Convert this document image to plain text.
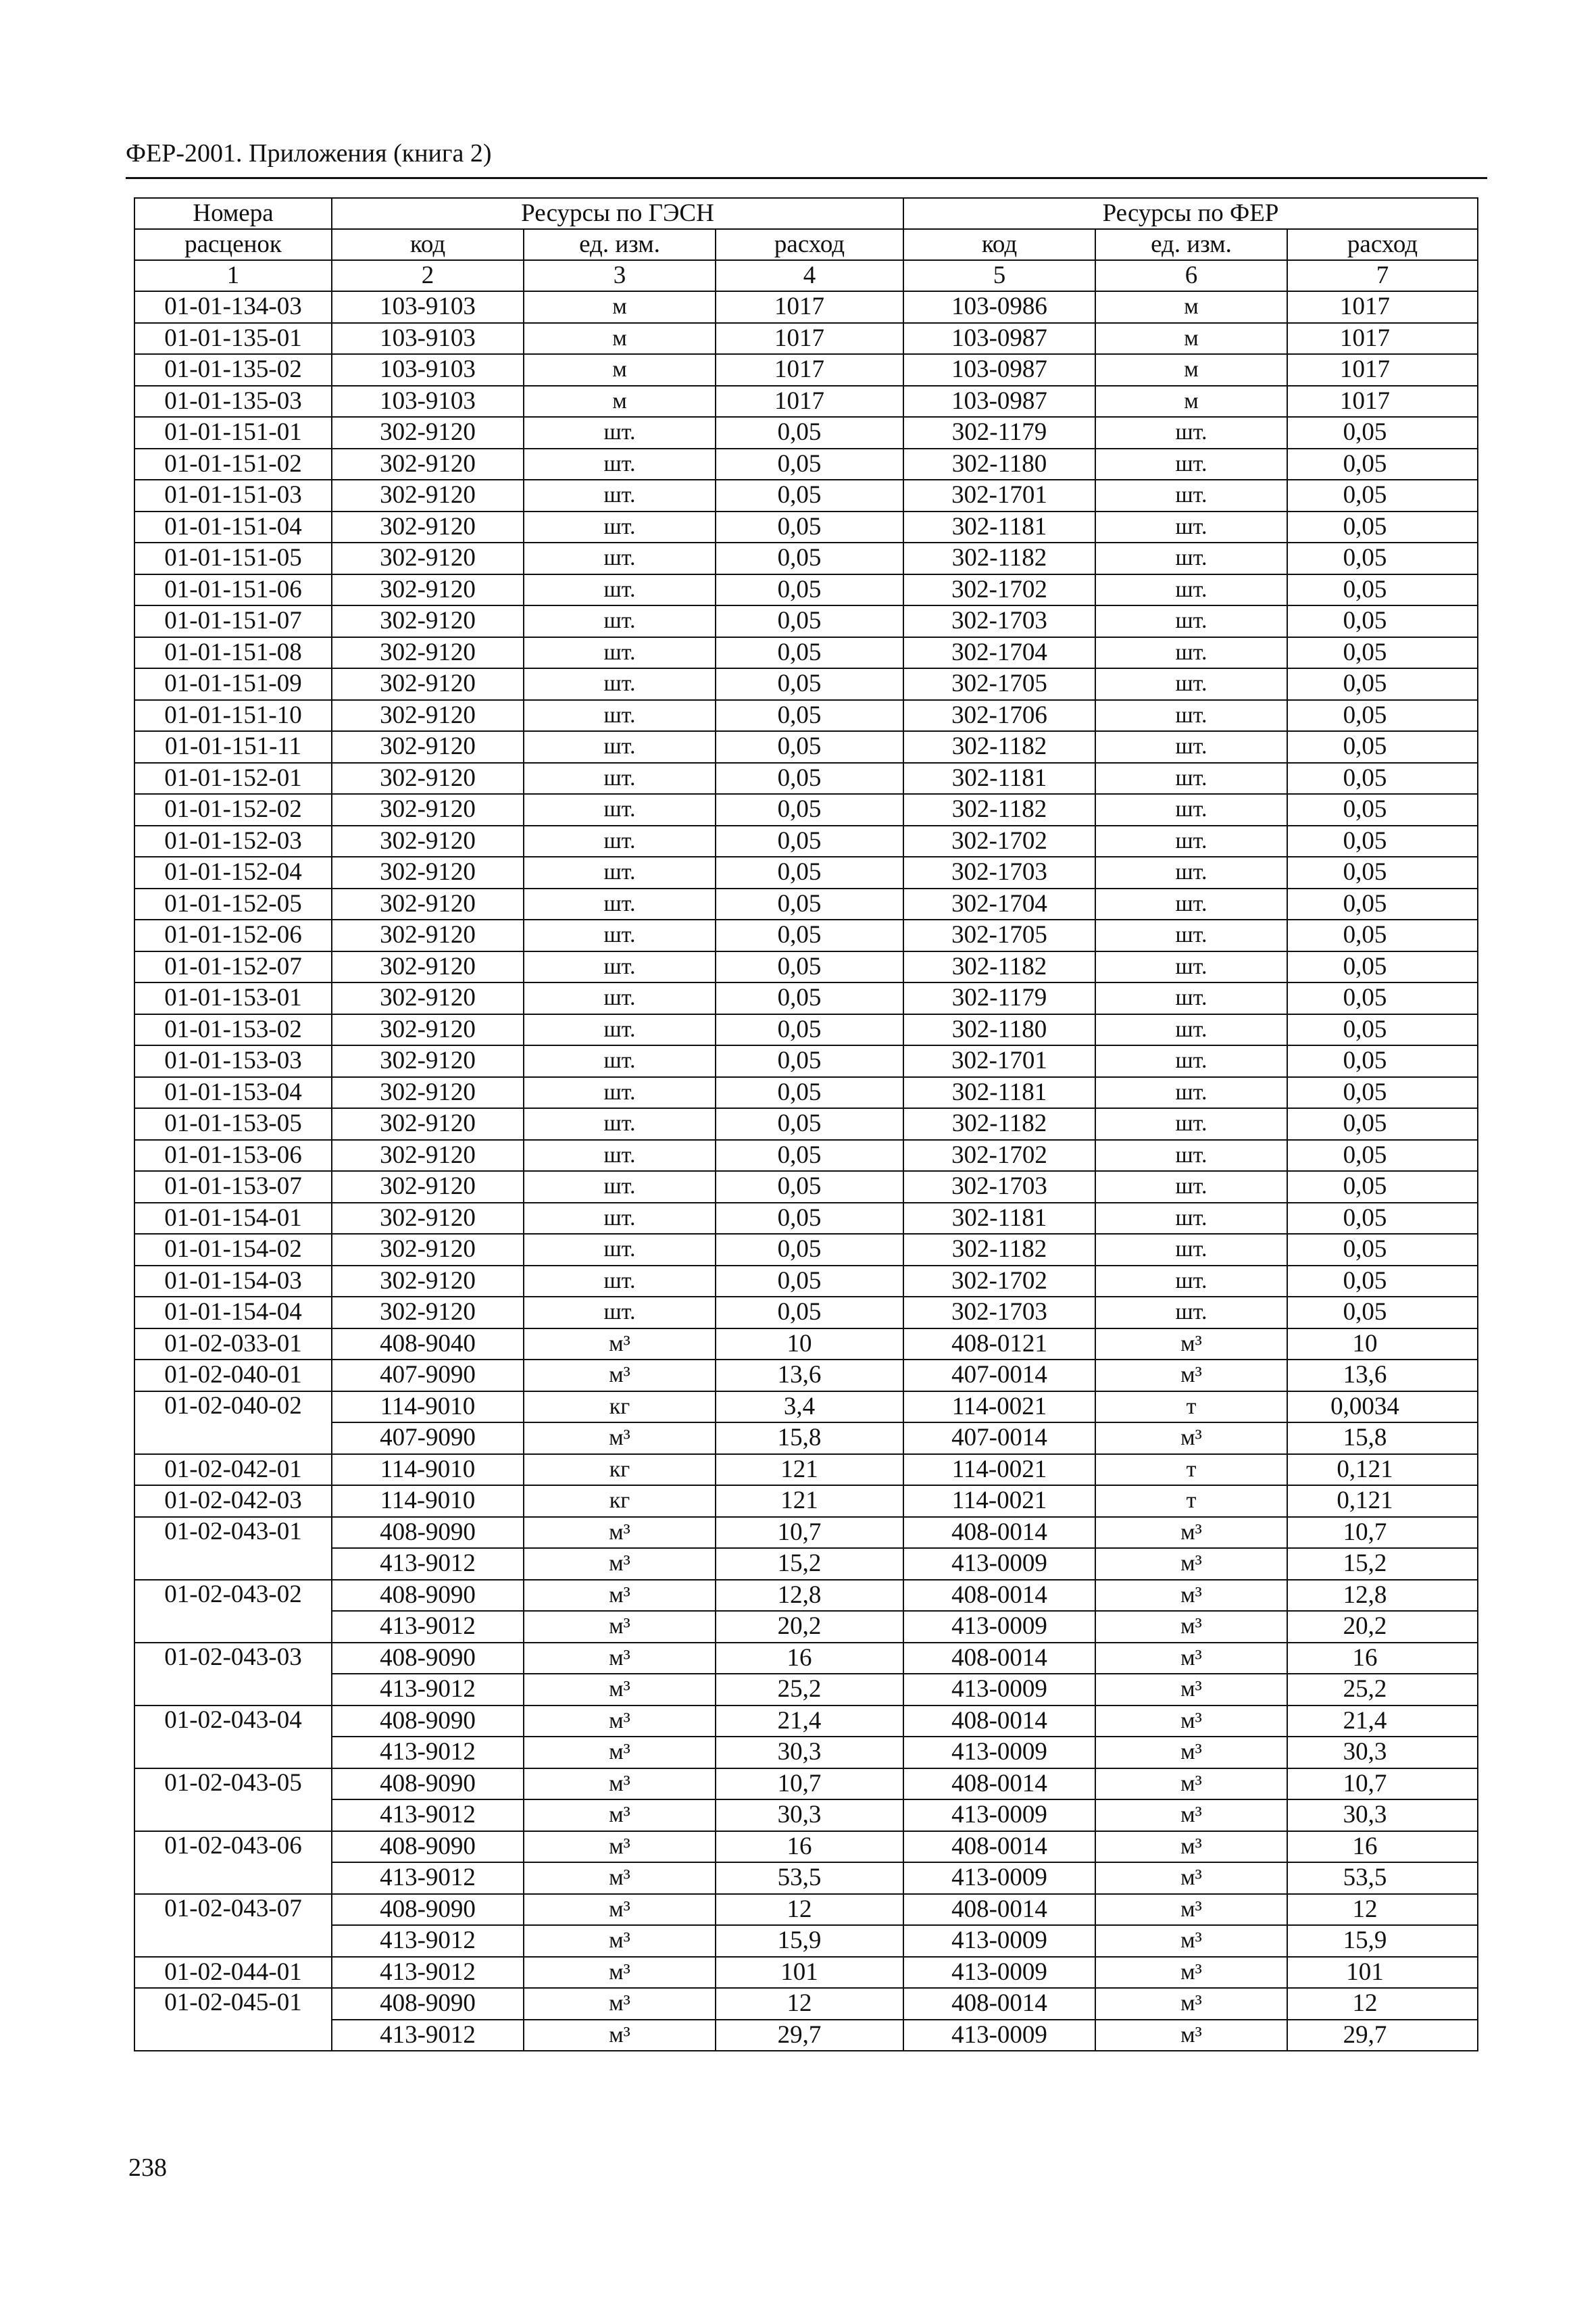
ФЕР-2001. Приложения (книга 2)
Номера	Ресурсы по ГЭСН			Ресурсы по ФЕР		
расценок	код	ед. изм.	расход	код	ед. изм.	расход
1	2	3	4	5	6	7
01-01-134-03	103-9103	м	1017	103-0986	м	1017
01-01-135-01	103-9103	м	1017	103-0987	м	1017
01-01-135-02	103-9103	м	1017	103-0987	м	1017
01-01-135-03	103-9103	м	1017	103-0987	м	1017
01-01-151-01	302-9120	шт.	0,05	302-1179	шт.	0,05
01-01-151-02	302-9120	шт.	0,05	302-1180	шт.	0,05
01-01-151-03	302-9120	шт.	0,05	302-1701	шт.	0,05
01-01-151-04	302-9120	шт.	0,05	302-1181	шт.	0,05
01-01-151-05	302-9120	шт.	0,05	302-1182	шт.	0,05
01-01-151-06	302-9120	шт.	0,05	302-1702	шт.	0,05
01-01-151-07	302-9120	шт.	0,05	302-1703	шт.	0,05
01-01-151-08	302-9120	шт.	0,05	302-1704	шт.	0,05
01-01-151-09	302-9120	шт.	0,05	302-1705	шт.	0,05
01-01-151-10	302-9120	шт.	0,05	302-1706	шт.	0,05
01-01-151-11	302-9120	шт.	0,05	302-1182	шт.	0,05
01-01-152-01	302-9120	шт.	0,05	302-1181	шт.	0,05
01-01-152-02	302-9120	шт.	0,05	302-1182	шт.	0,05
01-01-152-03	302-9120	шт.	0,05	302-1702	шт.	0,05
01-01-152-04	302-9120	шт.	0,05	302-1703	шт.	0,05
01-01-152-05	302-9120	шт.	0,05	302-1704	шт.	0,05
01-01-152-06	302-9120	шт.	0,05	302-1705	шт.	0,05
01-01-152-07	302-9120	шт.	0,05	302-1182	шт.	0,05
01-01-153-01	302-9120	шт.	0,05	302-1179	шт.	0,05
01-01-153-02	302-9120	шт.	0,05	302-1180	шт.	0,05
01-01-153-03	302-9120	шт.	0,05	302-1701	шт.	0,05
01-01-153-04	302-9120	шт.	0,05	302-1181	шт.	0,05
01-01-153-05	302-9120	шт.	0,05	302-1182	шт.	0,05
01-01-153-06	302-9120	шт.	0,05	302-1702	шт.	0,05
01-01-153-07	302-9120	шт.	0,05	302-1703	шт.	0,05
01-01-154-01	302-9120	шт.	0,05	302-1181	шт.	0,05
01-01-154-02	302-9120	шт.	0,05	302-1182	шт.	0,05
01-01-154-03	302-9120	шт.	0,05	302-1702	шт.	0,05
01-01-154-04	302-9120	шт.	0,05	302-1703	шт.	0,05
01-02-033-01	408-9040	м³	10	408-0121	м³	10
01-02-040-01	407-9090	м³	13,6	407-0014	м³	13,6
01-02-040-02	114-9010	кг	3,4	114-0021	т	0,0034
	407-9090	м³	15,8	407-0014	м³	15,8
01-02-042-01	114-9010	кг	121	114-0021	т	0,121
01-02-042-03	114-9010	кг	121	114-0021	т	0,121
01-02-043-01	408-9090	м³	10,7	408-0014	м³	10,7
	413-9012	м³	15,2	413-0009	м³	15,2
01-02-043-02	408-9090	м³	12,8	408-0014	м³	12,8
	413-9012	м³	20,2	413-0009	м³	20,2
01-02-043-03	408-9090	м³	16	408-0014	м³	16
	413-9012	м³	25,2	413-0009	м³	25,2
01-02-043-04	408-9090	м³	21,4	408-0014	м³	21,4
	413-9012	м³	30,3	413-0009	м³	30,3
01-02-043-05	408-9090	м³	10,7	408-0014	м³	10,7
	413-9012	м³	30,3	413-0009	м³	30,3
01-02-043-06	408-9090	м³	16	408-0014	м³	16
	413-9012	м³	53,5	413-0009	м³	53,5
01-02-043-07	408-9090	м³	12	408-0014	м³	12
	413-9012	м³	15,9	413-0009	м³	15,9
01-02-044-01	413-9012	м³	101	413-0009	м³	101
01-02-045-01	408-9090	м³	12	408-0014	м³	12
	413-9012	м³	29,7	413-0009	м³	29,7
238
